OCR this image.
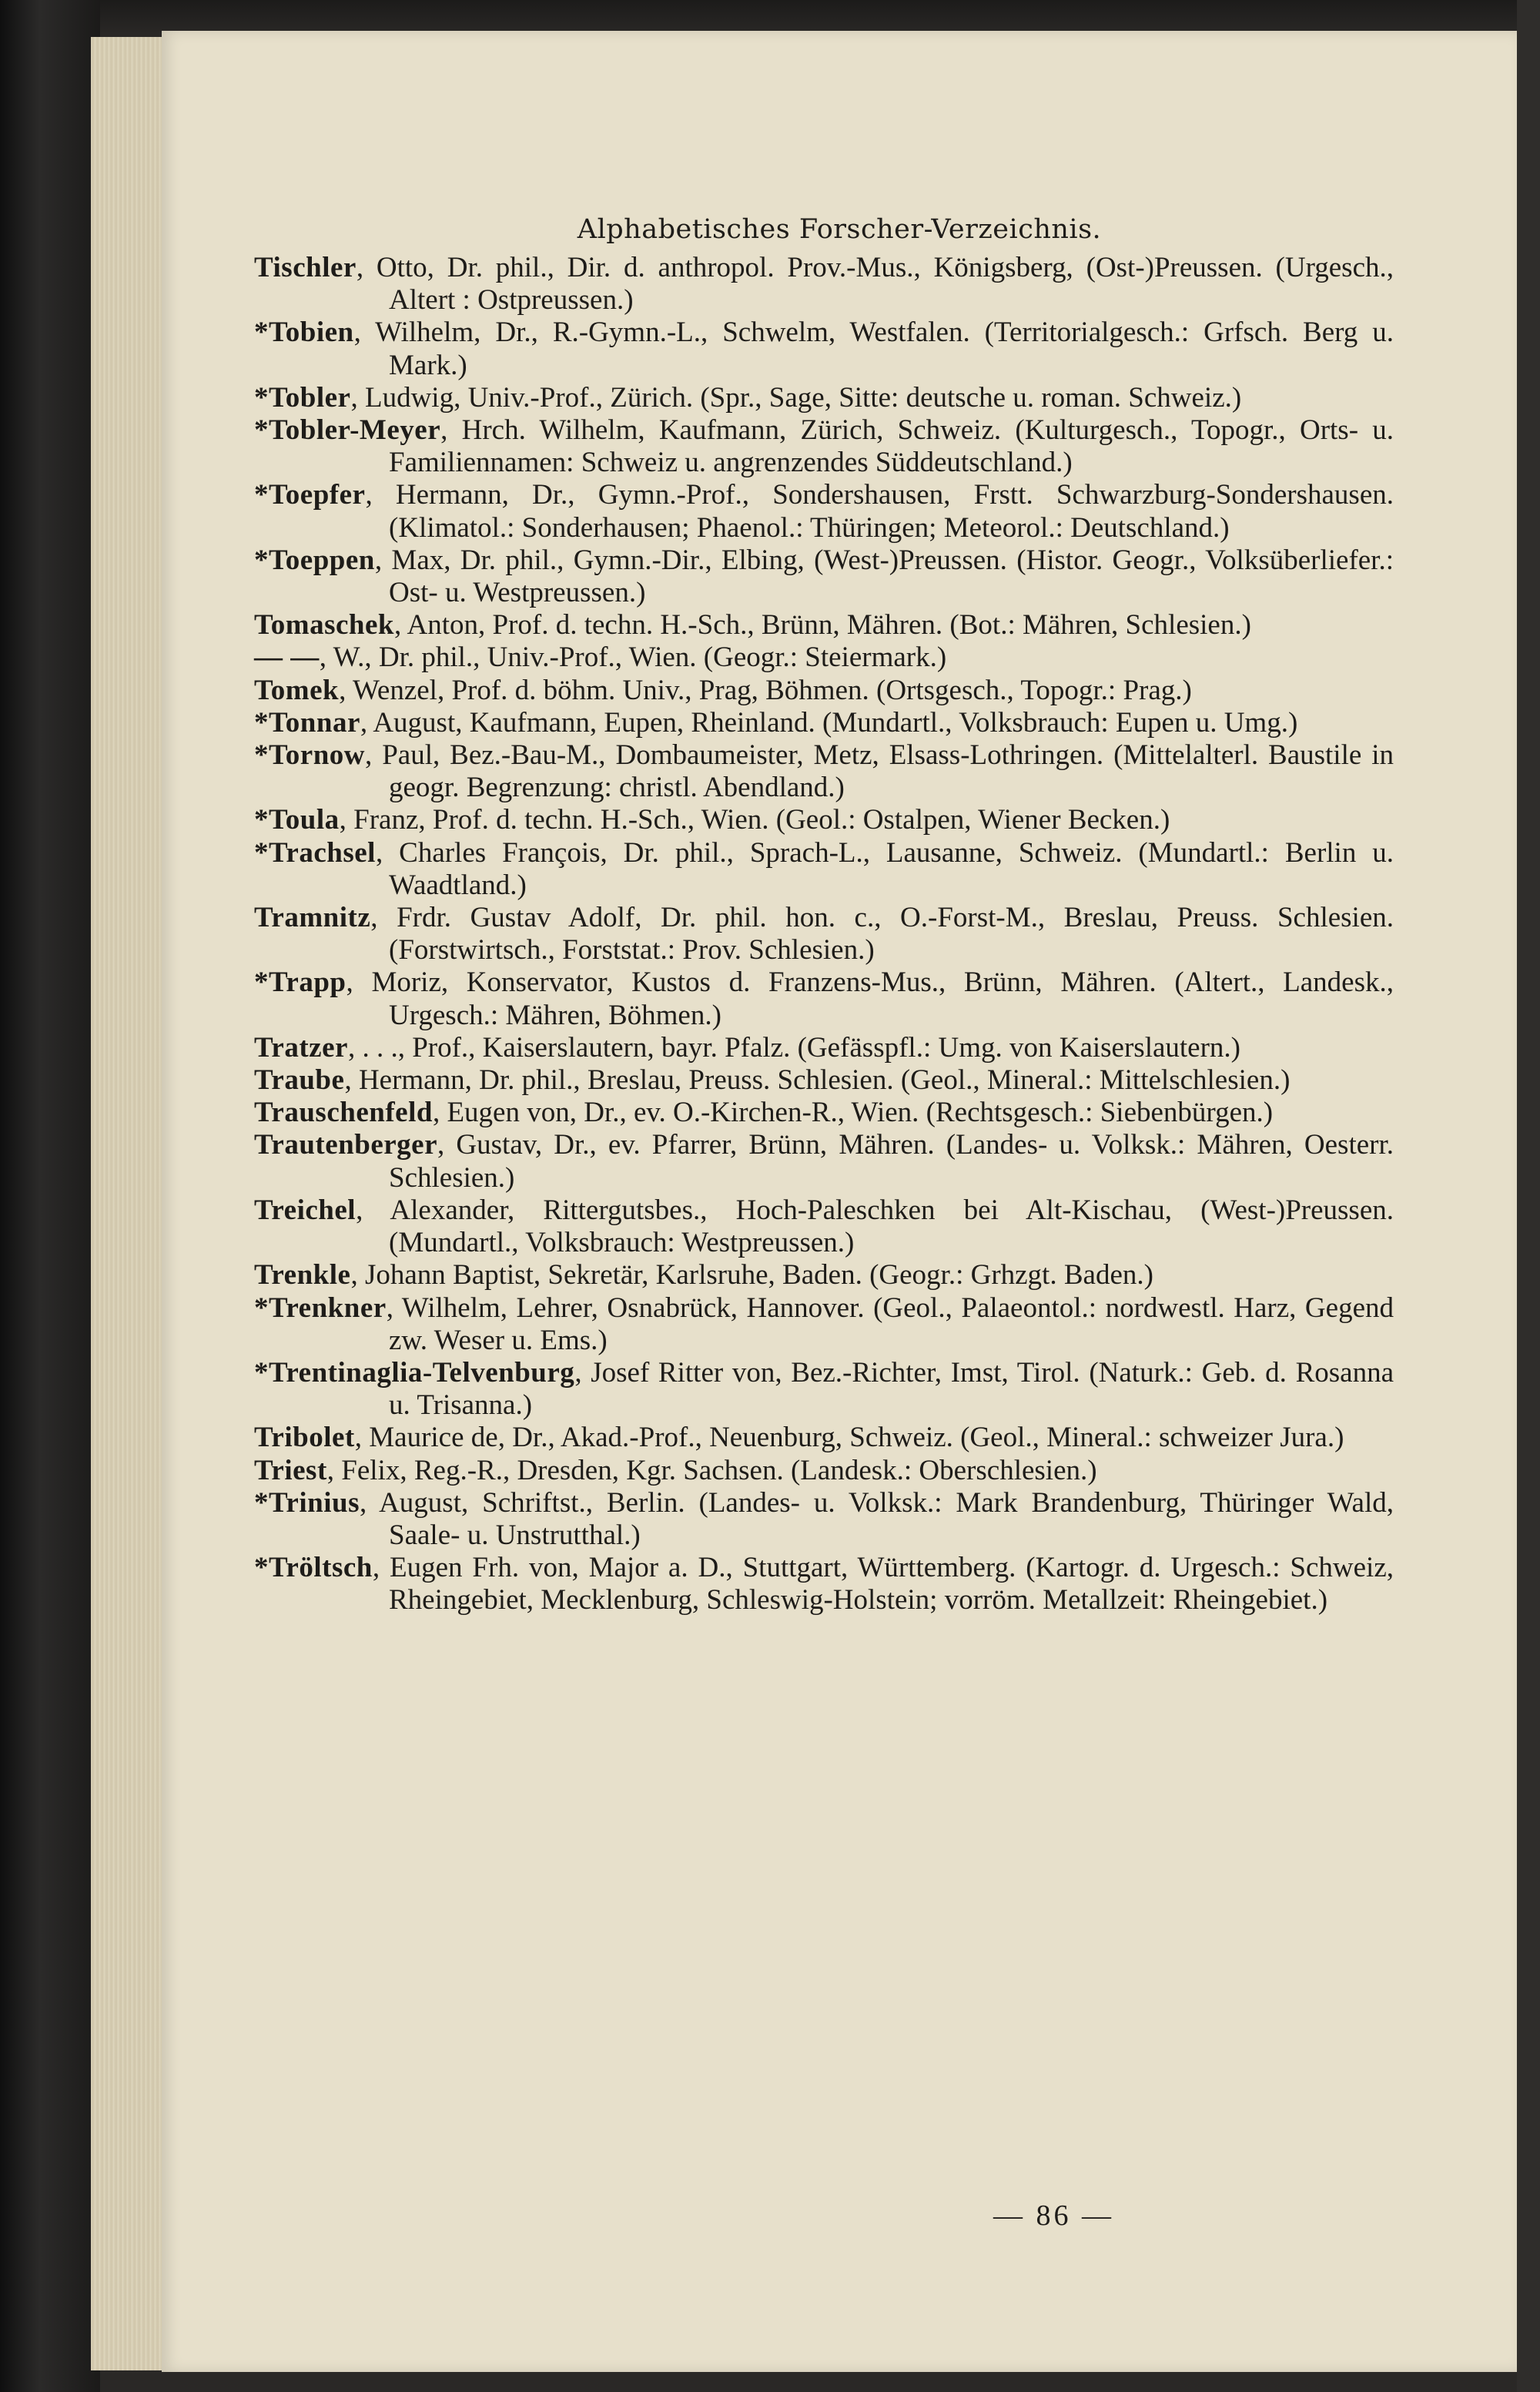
Alphabetisches Forscher-Verzeichnis.
— 86 —

Tischler, Otto, Dr. phil., Dir. d. anthropol. Prov.-Mus., Königsberg, (Ost-)Preussen. (Urgesch., Altert : Ostpreussen.)

*Tobien, Wilhelm, Dr., R.-Gymn.-L., Schwelm, Westfalen. (Territorialgesch.: Grfsch. Berg u. Mark.)

*Tobler, Ludwig, Univ.-Prof., Zürich. (Spr., Sage, Sitte: deutsche u. roman. Schweiz.)

*Tobler-Meyer, Hrch. Wilhelm, Kaufmann, Zürich, Schweiz. (Kulturgesch., Topogr., Orts- u. Familiennamen: Schweiz u. angrenzendes Süddeutschland.)

*Toepfer, Hermann, Dr., Gymn.-Prof., Sondershausen, Frstt. Schwarzburg-Sondershausen. (Klimatol.: Sonderhausen; Phaenol.: Thüringen; Meteorol.: Deutschland.)

*Toeppen, Max, Dr. phil., Gymn.-Dir., Elbing, (West-)Preussen. (Histor. Geogr., Volksüberliefer.: Ost- u. Westpreussen.)

Tomaschek, Anton, Prof. d. techn. H.-Sch., Brünn, Mähren. (Bot.: Mähren, Schlesien.)

— —, W., Dr. phil., Univ.-Prof., Wien. (Geogr.: Steiermark.)

Tomek, Wenzel, Prof. d. böhm. Univ., Prag, Böhmen. (Ortsgesch., Topogr.: Prag.)

*Tonnar, August, Kaufmann, Eupen, Rheinland. (Mundartl., Volksbrauch: Eupen u. Umg.)

*Tornow, Paul, Bez.-Bau-M., Dombaumeister, Metz, Elsass-Lothringen. (Mittelalterl. Baustile in geogr. Begrenzung: christl. Abendland.)

*Toula, Franz, Prof. d. techn. H.-Sch., Wien. (Geol.: Ostalpen, Wiener Becken.)

*Trachsel, Charles François, Dr. phil., Sprach-L., Lausanne, Schweiz. (Mundartl.: Berlin u. Waadtland.)

Tramnitz, Frdr. Gustav Adolf, Dr. phil. hon. c., O.-Forst-M., Breslau, Preuss. Schlesien. (Forstwirtsch., Forststat.: Prov. Schlesien.)

*Trapp, Moriz, Konservator, Kustos d. Franzens-Mus., Brünn, Mähren. (Altert., Landesk., Urgesch.: Mähren, Böhmen.)

Tratzer, . . ., Prof., Kaiserslautern, bayr. Pfalz. (Gefässpfl.: Umg. von Kaiserslautern.)

Traube, Hermann, Dr. phil., Breslau, Preuss. Schlesien. (Geol., Mineral.: Mittelschlesien.)

Trauschenfeld, Eugen von, Dr., ev. O.-Kirchen-R., Wien. (Rechtsgesch.: Siebenbürgen.)

Trautenberger, Gustav, Dr., ev. Pfarrer, Brünn, Mähren. (Landes- u. Volksk.: Mähren, Oesterr. Schlesien.)

Treichel, Alexander, Rittergutsbes., Hoch-Paleschken bei Alt-Kischau, (West-)Preussen. (Mundartl., Volksbrauch: Westpreussen.)

Trenkle, Johann Baptist, Sekretär, Karlsruhe, Baden. (Geogr.: Grhzgt. Baden.)

*Trenkner, Wilhelm, Lehrer, Osnabrück, Hannover. (Geol., Palaeontol.: nordwestl. Harz, Gegend zw. Weser u. Ems.)

*Trentinaglia-Telvenburg, Josef Ritter von, Bez.-Richter, Imst, Tirol. (Naturk.: Geb. d. Rosanna u. Trisanna.)

Tribolet, Maurice de, Dr., Akad.-Prof., Neuenburg, Schweiz. (Geol., Mineral.: schweizer Jura.)

Triest, Felix, Reg.-R., Dresden, Kgr. Sachsen. (Landesk.: Oberschlesien.)

*Trinius, August, Schriftst., Berlin. (Landes- u. Volksk.: Mark Brandenburg, Thüringer Wald, Saale- u. Unstrutthal.)

*Tröltsch, Eugen Frh. von, Major a. D., Stuttgart, Württemberg. (Kartogr. d. Urgesch.: Schweiz, Rheingebiet, Mecklenburg, Schleswig-Holstein; vorröm. Metallzeit: Rheingebiet.)
